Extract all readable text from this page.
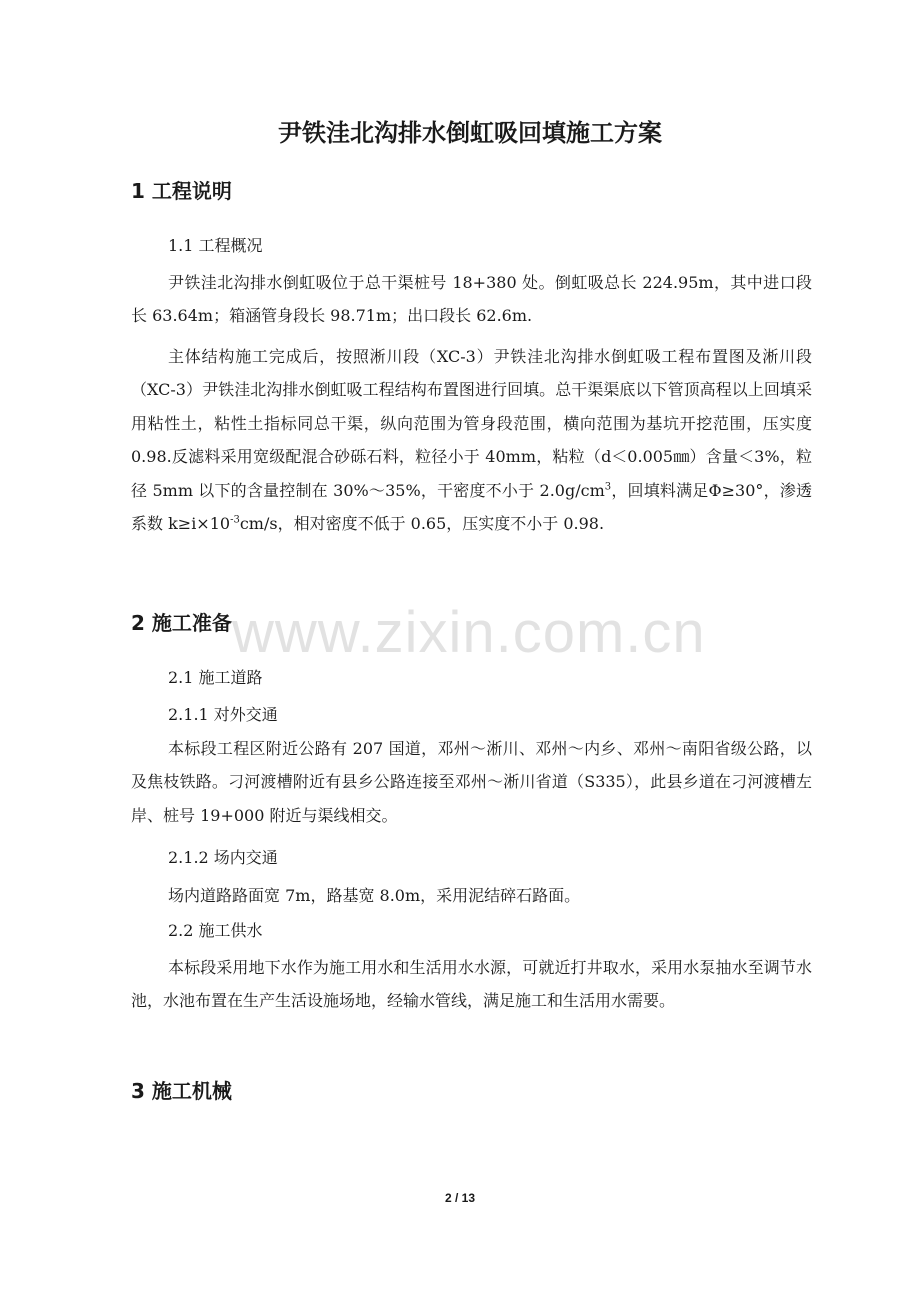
尹铁洼北沟排水倒虹吸回填施工方案
1 工程说明
1.1 工程概况
尹铁洼北沟排水倒虹吸位于总干渠桩号 18+380 处。倒虹吸总长 224.95m，其中进口段长 63.64m；箱涵管身段长 98.71m；出口段长 62.6m.
主体结构施工完成后，按照淅川段（XC-3）尹铁洼北沟排水倒虹吸工程布置图及淅川段（XC-3）尹铁洼北沟排水倒虹吸工程结构布置图进行回填。总干渠渠底以下管顶高程以上回填采用粘性土，粘性土指标同总干渠，纵向范围为管身段范围，横向范围为基坑开挖范围，压实度 0.98.反滤料采用宽级配混合砂砾石料，粒径小于 40mm，粘粒（d＜0.005㎜）含量＜3%，粒径 5mm 以下的含量控制在 30%～35%，干密度不小于 $2.0g/cm^3$，回填料满足Φ≥30°，渗透系数 $k\ge i\times 10^{-3}cm/s$，相对密度不低于 0.65，压实度不小于 0.98.
2 施工准备
2.1 施工道路
2.1.1 对外交通
本标段工程区附近公路有 207 国道，邓州～淅川、邓州～内乡、邓州～南阳省级公路，以及焦枝铁路。刁河渡槽附近有县乡公路连接至邓州～淅川省道（S335），此县乡道在刁河渡槽左岸、桩号 19+000 附近与渠线相交。
2.1.2 场内交通
场内道路路面宽 7m，路基宽 8.0m，采用泥结碎石路面。
2.2 施工供水
本标段采用地下水作为施工用水和生活用水水源，可就近打井取水，采用水泵抽水至调节水池，水池布置在生产生活设施场地，经输水管线，满足施工和生活用水需要。
3 施工机械
www.zixin.com.cn
2 / 13
